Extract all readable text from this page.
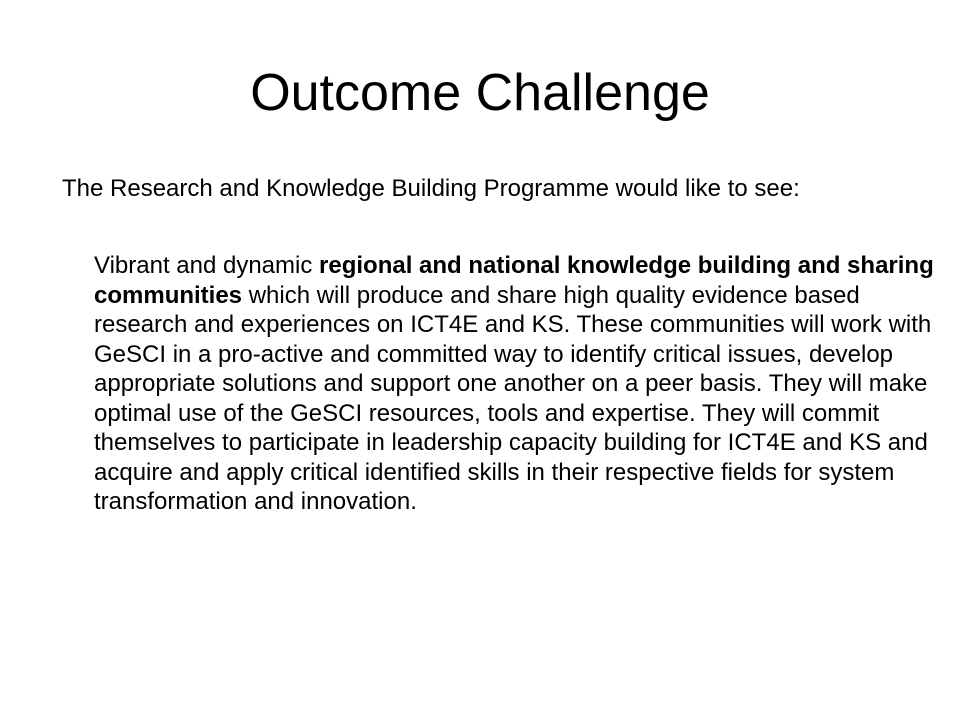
Outcome Challenge

The Research and Knowledge Building Programme would like to see:

Vibrant and dynamic regional and national knowledge building and sharing communities which will produce and share high quality evidence based research and experiences on ICT4E and KS. These communities will work with GeSCI in a pro-active and committed way to identify critical issues, develop appropriate solutions and support one another on a peer basis. They will make optimal use of the GeSCI resources, tools and expertise. They will commit themselves to participate in leadership capacity building for ICT4E and KS and acquire and apply critical identified skills in their respective fields for system transformation and innovation.
